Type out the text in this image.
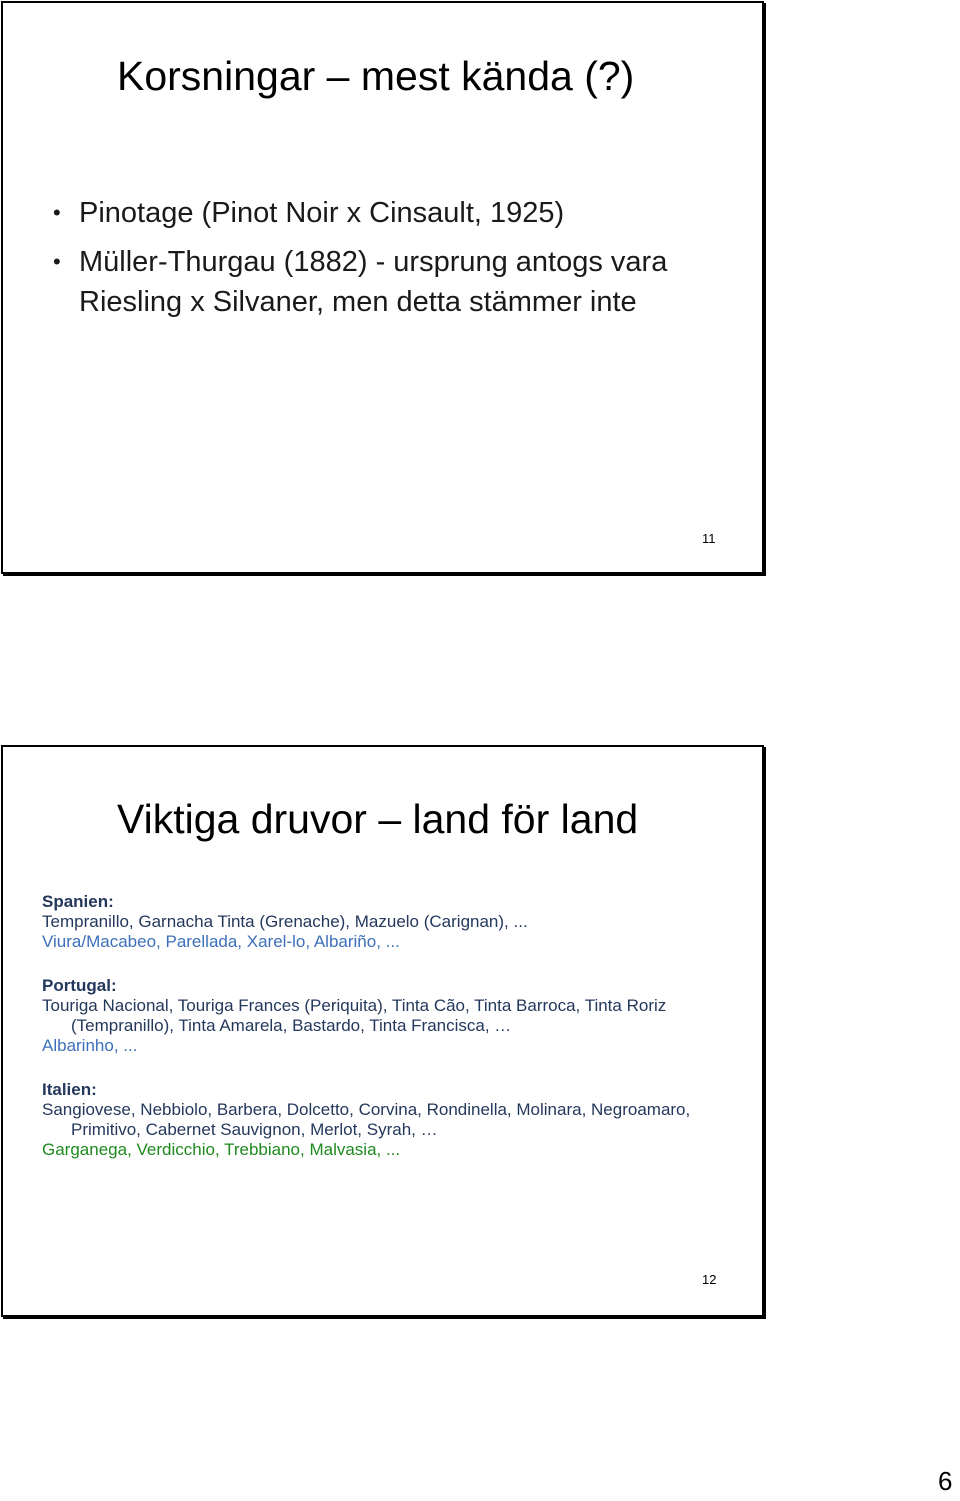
Korsningar – mest kända (?)
• Pinotage (Pinot Noir x Cinsault, 1925)
• Müller-Thurgau (1882) - ursprung antogs vara Riesling x Silvaner, men detta stämmer inte
11
Viktiga druvor – land för land

Spanien:

Tempranillo, Garnacha Tinta (Grenache), Mazuelo (Carignan), ...

Viura/Macabeo, Parellada, Xarel-lo, Albariño, ...

Portugal:

Touriga Nacional, Touriga Frances (Periquita), Tinta Cão, Tinta Barroca, Tinta Roriz (Tempranillo), Tinta Amarela, Bastardo, Tinta Francisca, …

Albarinho, ...

Italien:

Sangiovese, Nebbiolo, Barbera, Dolcetto, Corvina, Rondinella, Molinara, Negroamaro, Primitivo, Cabernet Sauvignon, Merlot, Syrah, …

Garganega, Verdicchio, Trebbiano, Malvasia, ...

12
6
